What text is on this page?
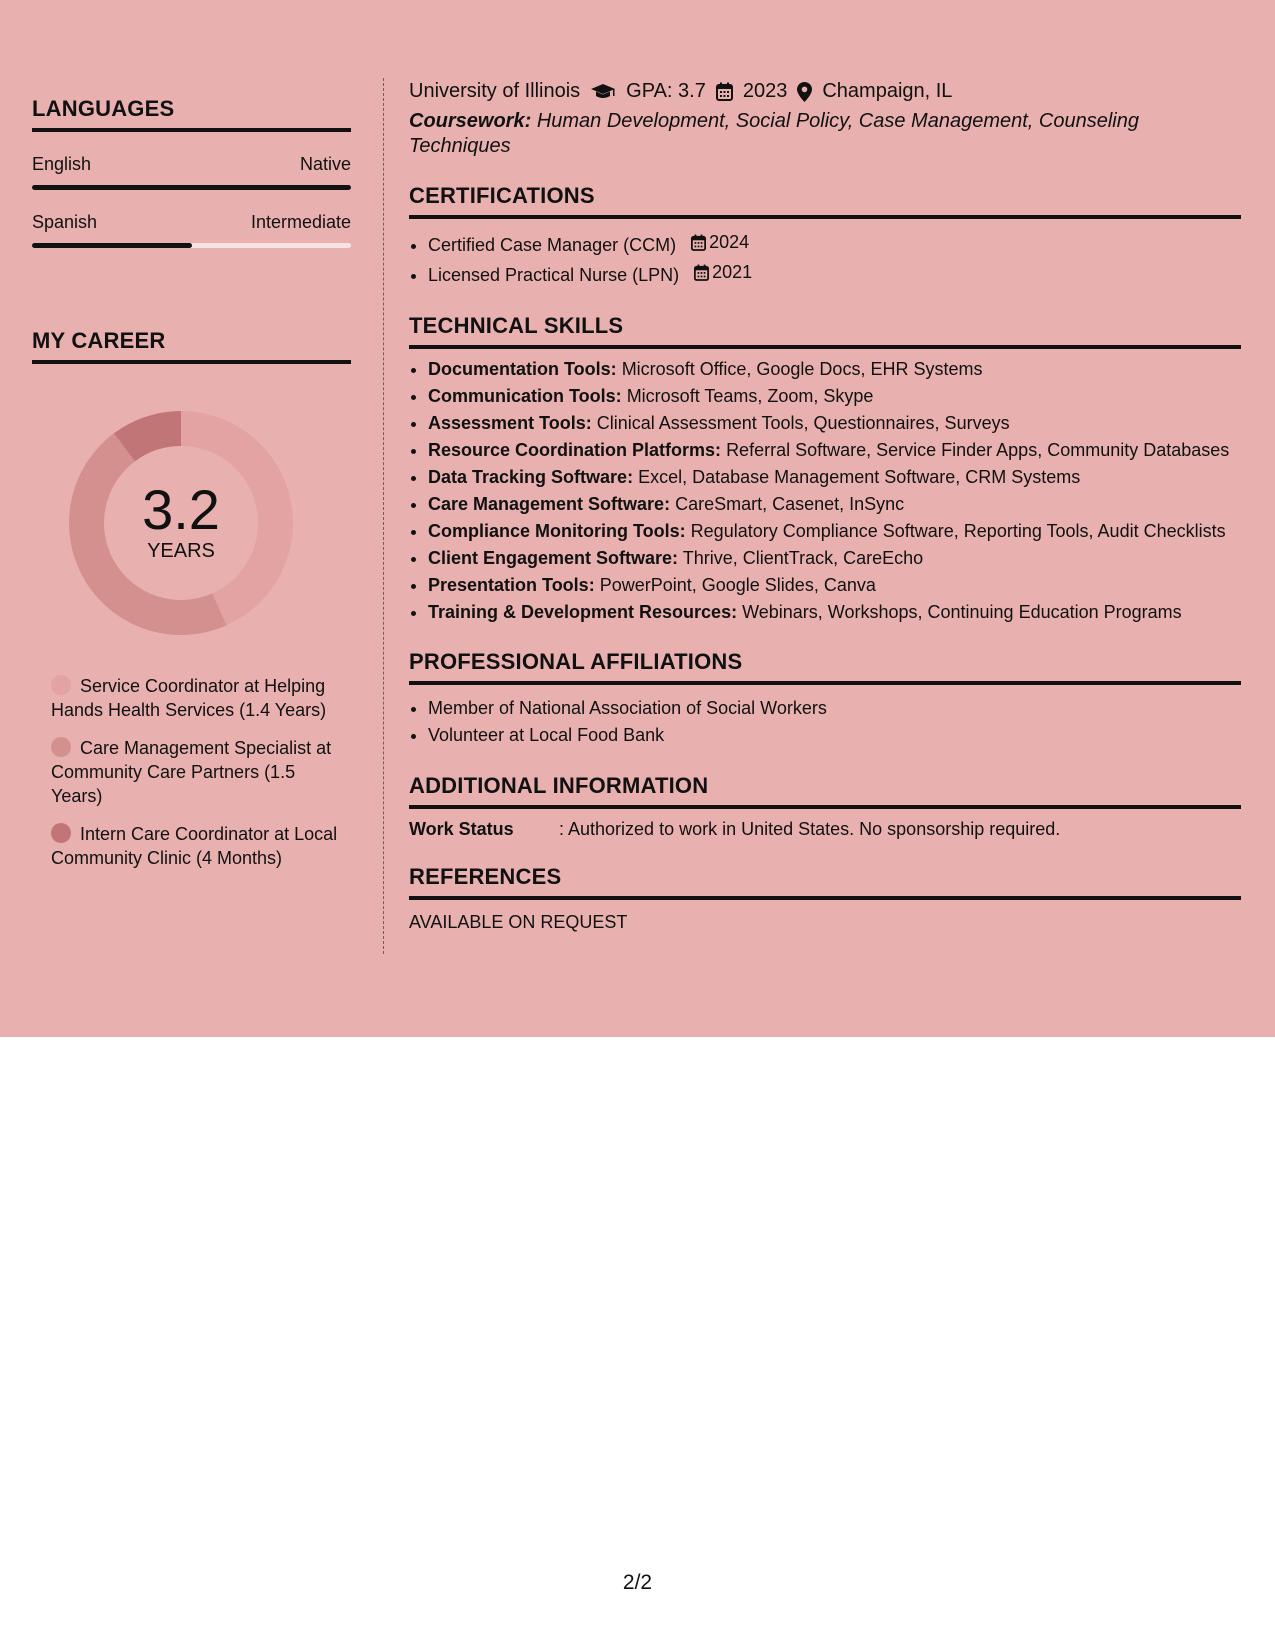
LANGUAGES
English	Native
Spanish	Intermediate
MY CAREER
3.2
YEARS
Service Coordinator at Helping Hands Health Services (1.4 Years)
Care Management Specialist at Community Care Partners (1.5 Years)
Intern Care Coordinator at Local Community Clinic (4 Months)
University of Illinois GPA: 3.7 2023 Champaign, IL
Coursework: Human Development, Social Policy, Case Management, Counseling Techniques
CERTIFICATIONS
• Certified Case Manager (CCM) 2024
• Licensed Practical Nurse (LPN) 2021
TECHNICAL SKILLS
• Documentation Tools: Microsoft Office, Google Docs, EHR Systems
• Communication Tools: Microsoft Teams, Zoom, Skype
• Assessment Tools: Clinical Assessment Tools, Questionnaires, Surveys
• Resource Coordination Platforms: Referral Software, Service Finder Apps, Community Databases
• Data Tracking Software: Excel, Database Management Software, CRM Systems
• Care Management Software: CareSmart, Casenet, InSync
• Compliance Monitoring Tools: Regulatory Compliance Software, Reporting Tools, Audit Checklists
• Client Engagement Software: Thrive, ClientTrack, CareEcho
• Presentation Tools: PowerPoint, Google Slides, Canva
• Training & Development Resources: Webinars, Workshops, Continuing Education Programs
PROFESSIONAL AFFILIATIONS
• Member of National Association of Social Workers
• Volunteer at Local Food Bank
ADDITIONAL INFORMATION
Work Status	: Authorized to work in United States. No sponsorship required.
REFERENCES
AVAILABLE ON REQUEST
2/2
